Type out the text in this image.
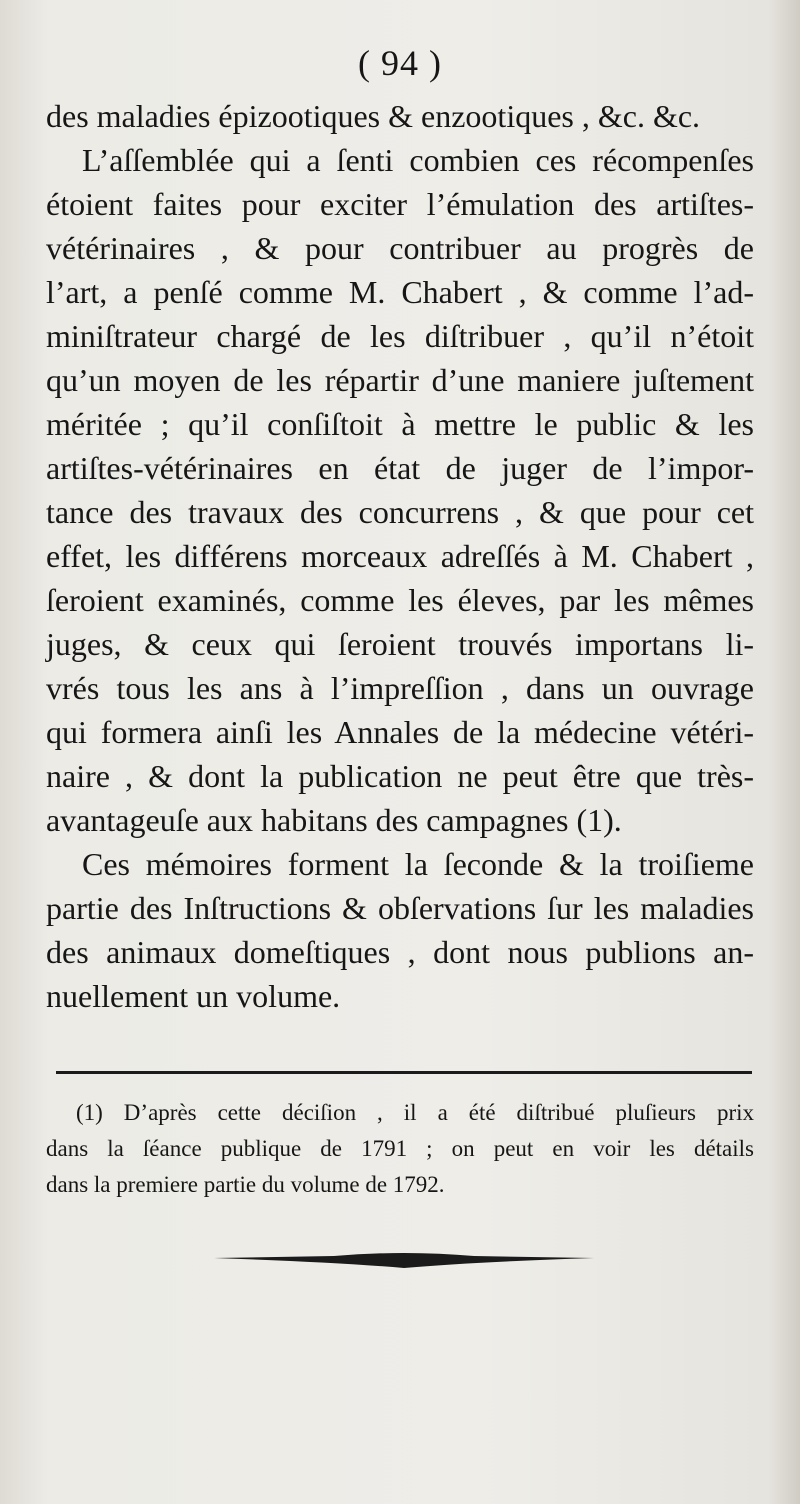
( 94 )
des maladies épizootiques & enzootiques , &c. &c.
L’aſſemblée qui a ſenti combien ces récompenſes
étoient faites pour exciter l’émulation des artiſtes-
vétérinaires , & pour contribuer au progrès de
l’art, a penſé comme M. Chabert , & comme l’ad-
miniſtrateur chargé de les diſtribuer , qu’il n’étoit
qu’un moyen de les répartir d’une maniere juſtement
méritée ; qu’il conſiſtoit à mettre le public & les
artiſtes-vétérinaires en état de juger de l’impor-
tance des travaux des concurrens , & que pour cet
effet, les différens morceaux adreſſés à M. Chabert ,
ſeroient examinés, comme les éleves, par les mêmes
juges, & ceux qui ſeroient trouvés importans li-
vrés tous les ans à l’impreſſion , dans un ouvrage
qui formera ainſi les Annales de la médecine vétéri-
naire , & dont la publication ne peut être que très-
avantageuſe aux habitans des campagnes (1).
Ces mémoires forment la ſeconde & la troiſieme
partie des Inſtructions & obſervations ſur les maladies
des animaux domeſtiques , dont nous publions an-
nuellement un volume.
(1) D’après cette déciſion , il a été diſtribué pluſieurs prix
dans la ſéance publique de 1791 ; on peut en voir les détails
dans la premiere partie du volume de 1792.
